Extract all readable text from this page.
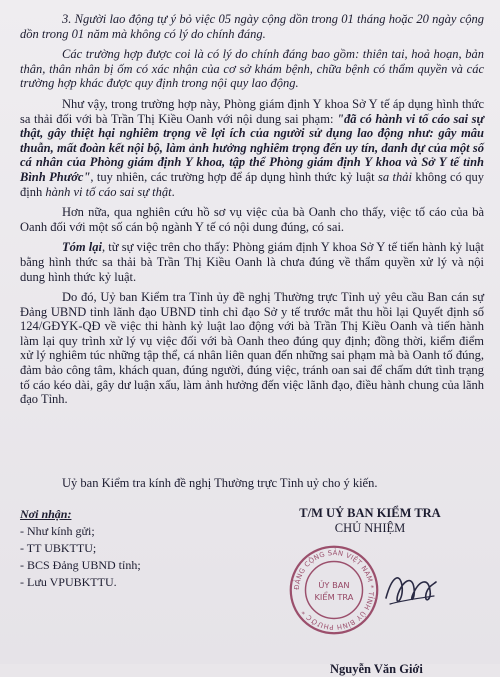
3. Người lao động tự ý bỏ việc 05 ngày cộng dồn trong 01 tháng hoặc 20 ngày cộng dồn trong 01 năm mà không có lý do chính đáng.

Các trường hợp được coi là có lý do chính đáng bao gồm: thiên tai, hoả hoạn, bản thân, thân nhân bị ốm có xác nhận của cơ sở khám bệnh, chữa bệnh có thẩm quyền và các trường hợp khác được quy định trong nội quy lao động.

Như vậy, trong trường hợp này, Phòng giám định Y khoa Sở Y tế áp dụng hình thức sa thải đối với bà Trần Thị Kiều Oanh với nội dung sai phạm: "đã có hành vi tố cáo sai sự thật, gây thiệt hại nghiêm trọng về lợi ích của người sử dụng lao động như: gây mâu thuẫn, mất đoàn kết nội bộ, làm ảnh hưởng nghiêm trọng đến uy tín, danh dự của một số cá nhân của Phòng giám định Y khoa, tập thể Phòng giám định Y khoa và Sở Y tế tỉnh Bình Phước", tuy nhiên, các trường hợp để áp dụng hình thức kỷ luật sa thải không có quy định hành vi tố cáo sai sự thật.

Hơn nữa, qua nghiên cứu hồ sơ vụ việc của bà Oanh cho thấy, việc tố cáo của bà Oanh đối với một số cán bộ ngành Y tế có nội dung đúng, có sai.

Tóm lại, từ sự việc trên cho thấy: Phòng giám định Y khoa Sở Y tế tiến hành kỷ luật bằng hình thức sa thải bà Trần Thị Kiều Oanh là chưa đúng về thẩm quyền xử lý và nội dung hình thức kỷ luật.

Do đó, Uỷ ban Kiểm tra Tỉnh ủy đề nghị Thường trực Tỉnh uỷ yêu cầu Ban cán sự Đảng UBND tỉnh lãnh đạo UBND tỉnh chỉ đạo Sở y tế trước mắt thu hồi lại Quyết định số 124/GĐYK-QĐ về việc thi hành kỷ luật lao động với bà Trần Thị Kiều Oanh và tiến hành làm lại quy trình xử lý vụ việc đối với bà Oanh theo đúng quy định; đồng thời, kiểm điểm xử lý nghiêm túc những tập thể, cá nhân liên quan đến những sai phạm mà bà Oanh tố đúng, đảm bảo công tâm, khách quan, đúng người, đúng việc, tránh oan sai để chấm dứt tình trạng tố cáo kéo dài, gây dư luận xấu, làm ảnh hưởng đến việc lãnh đạo, điều hành chung của lãnh đạo Tỉnh.

Uỷ ban Kiểm tra kính đề nghị Thường trực Tỉnh uỷ cho ý kiến.

Nơi nhận:
- Như kính gửi;
- TT UBKTTU;
- BCS Đảng UBND tỉnh;
- Lưu VPUBKTTU.
T/M UỶ BAN KIỂM TRA
CHỦ NHIỆM
ĐẢNG CỘNG SẢN VIỆT NAM * TỈNH ỦY BÌNH PHƯỚC *
ỦY BAN
KIỂM TRA
Nguyễn Văn Giới
